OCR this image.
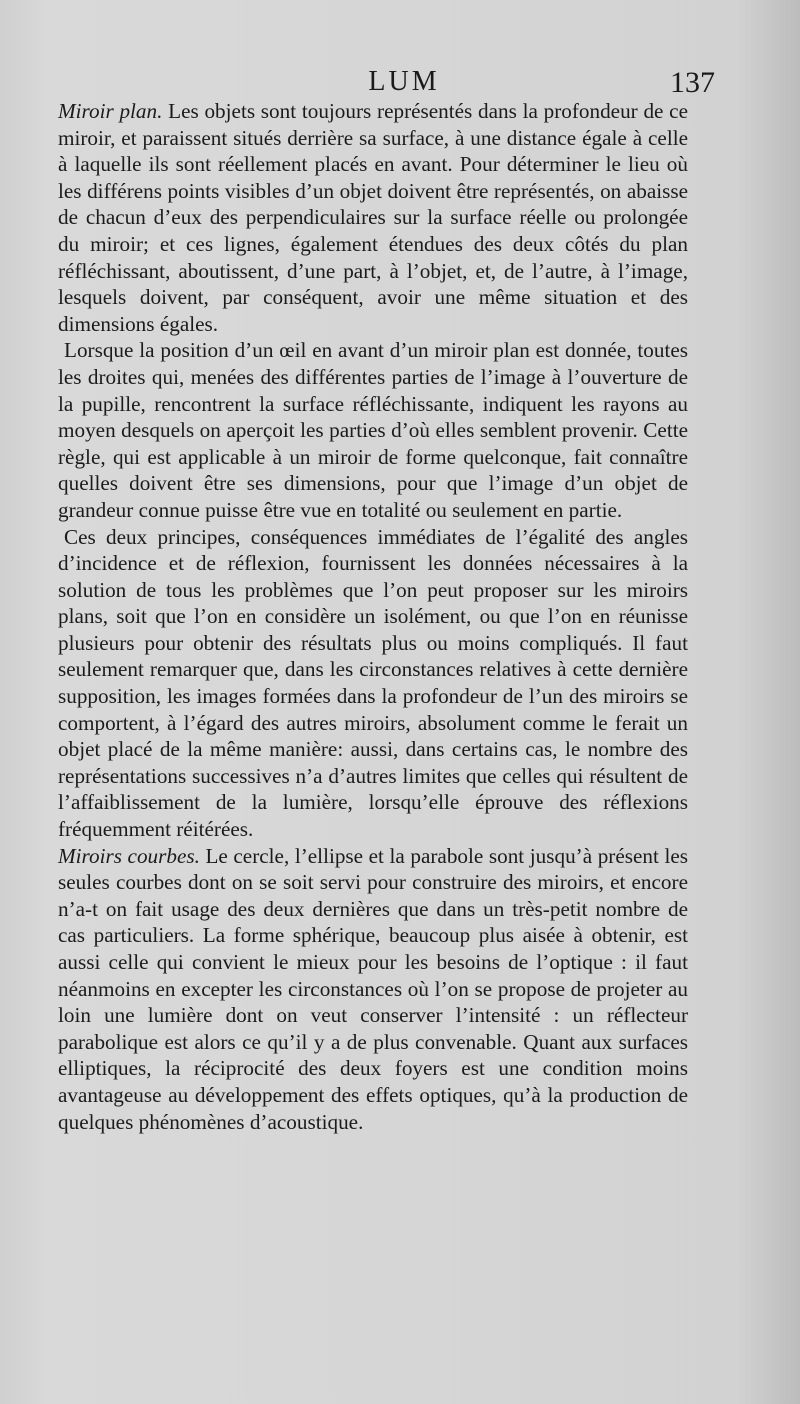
LUM	137

Miroir plan. Les objets sont toujours représentés dans la profondeur de ce miroir, et paraissent situés derrière sa surface, à une distance égale à celle à laquelle ils sont réellement placés en avant. Pour déterminer le lieu où les différens points visibles d’un objet doivent être représentés, on abaisse de chacun d’eux des perpendiculaires sur la surface réelle ou prolongée du miroir; et ces lignes, également étendues des deux côtés du plan réfléchissant, aboutissent, d’une part, à l’objet, et, de l’autre, à l’image, lesquels doivent, par conséquent, avoir une même situation et des dimensions égales.

Lorsque la position d’un œil en avant d’un miroir plan est donnée, toutes les droites qui, menées des différentes parties de l’image à l’ouverture de la pupille, rencontrent la surface réfléchissante, indiquent les rayons au moyen desquels on aperçoit les parties d’où elles semblent provenir. Cette règle, qui est applicable à un miroir de forme quelconque, fait connaître quelles doivent être ses dimensions, pour que l’image d’un objet de grandeur connue puisse être vue en totalité ou seulement en partie.

Ces deux principes, conséquences immédiates de l’égalité des angles d’incidence et de réflexion, fournissent les données nécessaires à la solution de tous les problèmes que l’on peut proposer sur les miroirs plans, soit que l’on en considère un isolément, ou que l’on en réunisse plusieurs pour obtenir des résultats plus ou moins compliqués. Il faut seulement remarquer que, dans les circonstances relatives à cette dernière supposition, les images formées dans la profondeur de l’un des miroirs se comportent, à l’égard des autres miroirs, absolument comme le ferait un objet placé de la même manière: aussi, dans certains cas, le nombre des représentations successives n’a d’autres limites que celles qui résultent de l’affaiblissement de la lumière, lorsqu’elle éprouve des réflexions fréquemment réitérées.

Miroirs courbes. Le cercle, l’ellipse et la parabole sont jusqu’à présent les seules courbes dont on se soit servi pour construire des miroirs, et encore n’a-t on fait usage des deux dernières que dans un très-petit nombre de cas particuliers. La forme sphérique, beaucoup plus aisée à obtenir, est aussi celle qui convient le mieux pour les besoins de l’optique : il faut néanmoins en excepter les circonstances où l’on se propose de projeter au loin une lumière dont on veut conserver l’intensité : un réflecteur parabolique est alors ce qu’il y a de plus convenable. Quant aux surfaces elliptiques, la réciprocité des deux foyers est une condition moins avantageuse au développement des effets optiques, qu’à la production de quelques phénomènes d’acoustique.
